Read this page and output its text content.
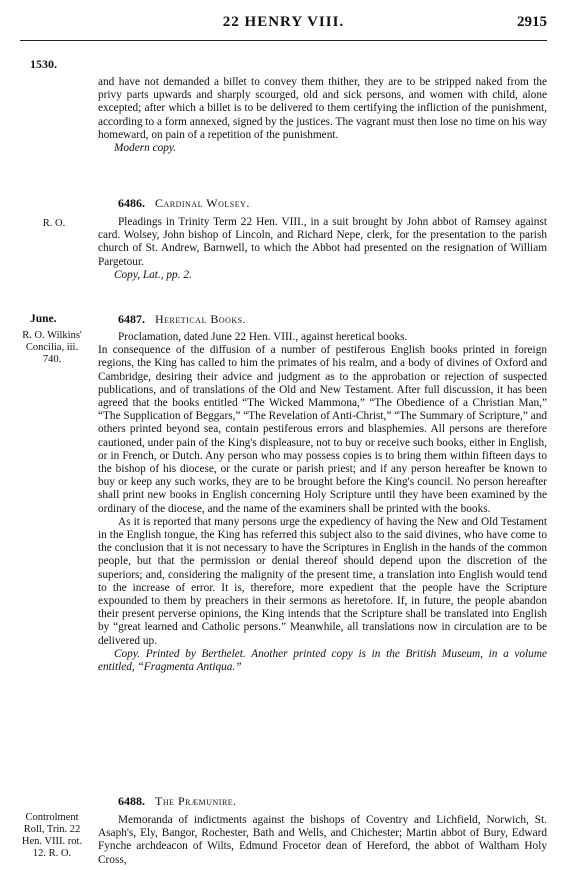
22 HENRY VIII.	2915
1530.

and have not demanded a billet to convey them thither, they are to be stripped naked from the privy parts upwards and sharply scourged, old and sick persons, and women with child, alone excepted; after which a billet is to be delivered to them certifying the infliction of the punishment, according to a form annexed, signed by the justices. The vagrant must then lose no time on his way homeward, on pain of a repetition of the punishment.

Modern copy.

6486. Cardinal Wolsey.
R. O.	Pleadings in Trinity Term 22 Hen. VIII., in a suit brought by John abbot of Ramsey against card. Wolsey, John bishop of Lincoln, and Richard Nepe, clerk, for the presentation to the parish church of St. Andrew, Barnwell, to which the Abbot had presented on the resignation of William Pargetour.

Copy, Lat., pp. 2.

June.	6487. Heretical Books.
R. O. Wilkins' Concilia, iii. 740.

Proclamation, dated June 22 Hen. VIII., against heretical books.

In consequence of the diffusion of a number of pestiferous English books printed in foreign regions, the King has called to him the primates of his realm, and a body of divines of Oxford and Cambridge, desiring their advice and judgment as to the approbation or rejection of suspected publications, and of translations of the Old and New Testament. After full discussion, it has been agreed that the books entitled “The Wicked Mammona,” “The Obedience of a Christian Man,” “The Supplication of Beggars,” “The Revelation of Anti-Christ,” “The Summary of Scripture,” and others printed beyond sea, contain pestiferous errors and blasphemies. All persons are therefore cautioned, under pain of the King's displeasure, not to buy or receive such books, either in English, or in French, or Dutch. Any person who may possess copies is to bring them within fifteen days to the bishop of his diocese, or the curate or parish priest; and if any person hereafter be known to buy or keep any such works, they are to be brought before the King's council. No person hereafter shall print new books in English concerning Holy Scripture until they have been examined by the ordinary of the diocese, and the name of the examiners shall be printed with the books.

As it is reported that many persons urge the expediency of having the New and Old Testament in the English tongue, the King has referred this subject also to the said divines, who have come to the conclusion that it is not necessary to have the Scriptures in English in the hands of the common people, but that the permission or denial thereof should depend upon the discretion of the superiors; and, considering the malignity of the present time, a translation into English would tend to the increase of error. It is, therefore, more expedient that the people have the Scripture expounded to them by preachers in their sermons as heretofore. If, in future, the people abandon their present perverse opinions, the King intends that the Scripture shall be translated into English by “great learned and Catholic persons.” Meanwhile, all translations now in circulation are to be delivered up.

Copy. Printed by Berthelet. Another printed copy is in the British Museum, in a volume entitled, “Fragmenta Antiqua.”

6488. The Præmunire.
Controlment Roll, Trin. 22 Hen. VIII. rot. 12. R. O.

Memoranda of indictments against the bishops of Coventry and Lichfield, Norwich, St. Asaph's, Ely, Bangor, Rochester, Bath and Wells, and Chichester; Martin abbot of Bury, Edward Fynche archdeacon of Wilts, Edmund Frocetor dean of Hereford, the abbot of Waltham Holy Cross,
